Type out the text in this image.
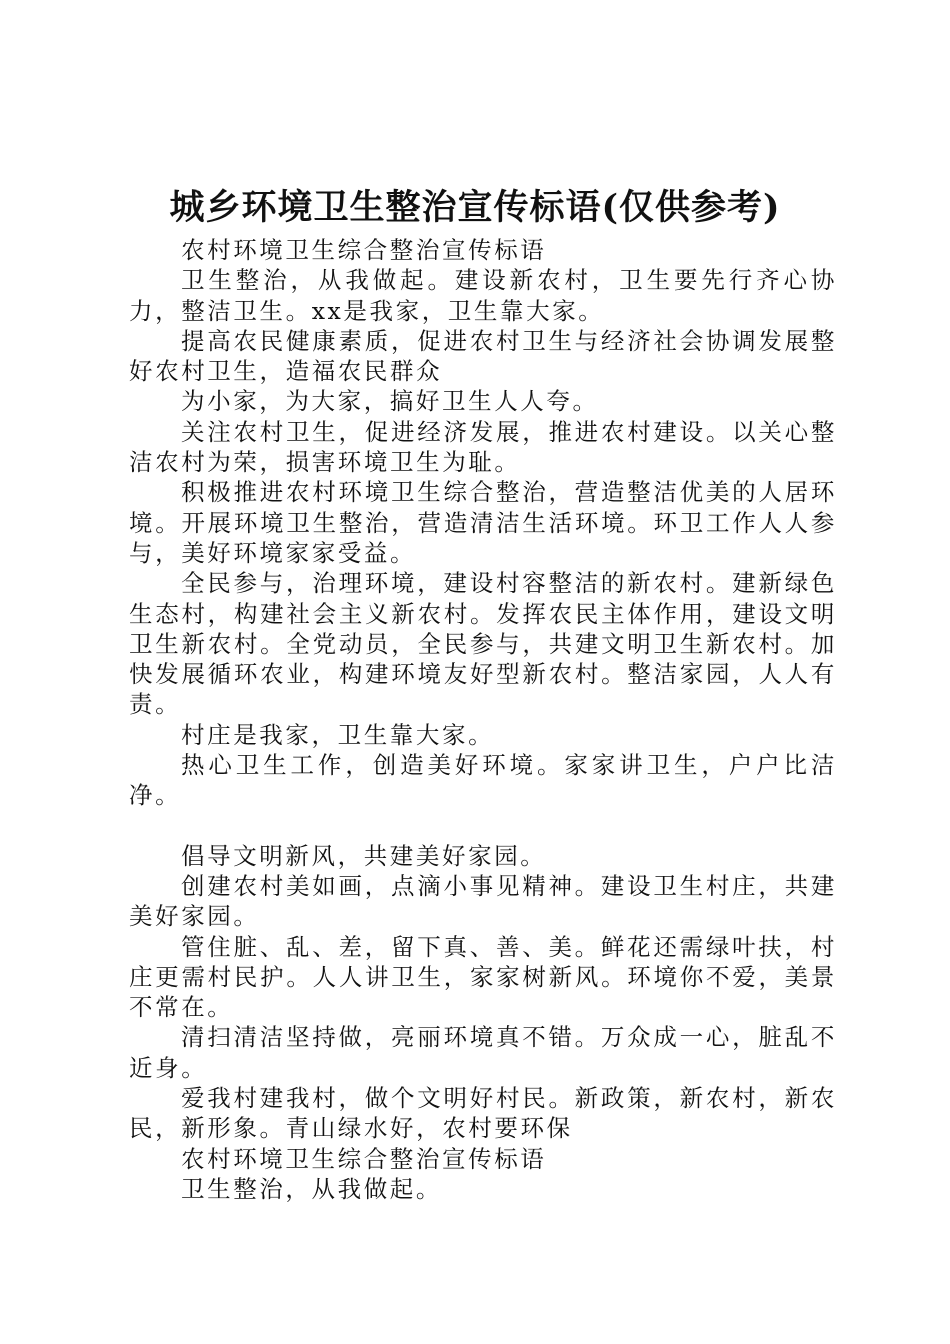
城乡环境卫生整治宣传标语(仅供参考)

农村环境卫生综合整治宣传标语

卫生整治，从我做起。建设新农村，卫生要先行齐心协力，整洁卫生。xx是我家，卫生靠大家。

提高农民健康素质，促进农村卫生与经济社会协调发展整好农村卫生，造福农民群众

为小家，为大家，搞好卫生人人夸。

关注农村卫生，促进经济发展，推进农村建设。以关心整洁农村为荣，损害环境卫生为耻。

积极推进农村环境卫生综合整治，营造整洁优美的人居环境。开展环境卫生整治，营造清洁生活环境。环卫工作人人参与，美好环境家家受益。

全民参与，治理环境，建设村容整洁的新农村。建新绿色生态村，构建社会主义新农村。发挥农民主体作用，建设文明卫生新农村。全党动员，全民参与，共建文明卫生新农村。加快发展循环农业，构建环境友好型新农村。整洁家园，人人有责。

村庄是我家，卫生靠大家。

热心卫生工作，创造美好环境。家家讲卫生，户户比洁净。

倡导文明新风，共建美好家园。

创建农村美如画，点滴小事见精神。建设卫生村庄，共建美好家园。

管住脏、乱、差，留下真、善、美。鲜花还需绿叶扶，村庄更需村民护。人人讲卫生，家家树新风。环境你不爱，美景不常在。

清扫清洁坚持做，亮丽环境真不错。万众成一心，脏乱不近身。

爱我村建我村，做个文明好村民。新政策，新农村，新农民，新形象。青山绿水好，农村要环保

农村环境卫生综合整治宣传标语

卫生整治，从我做起。
